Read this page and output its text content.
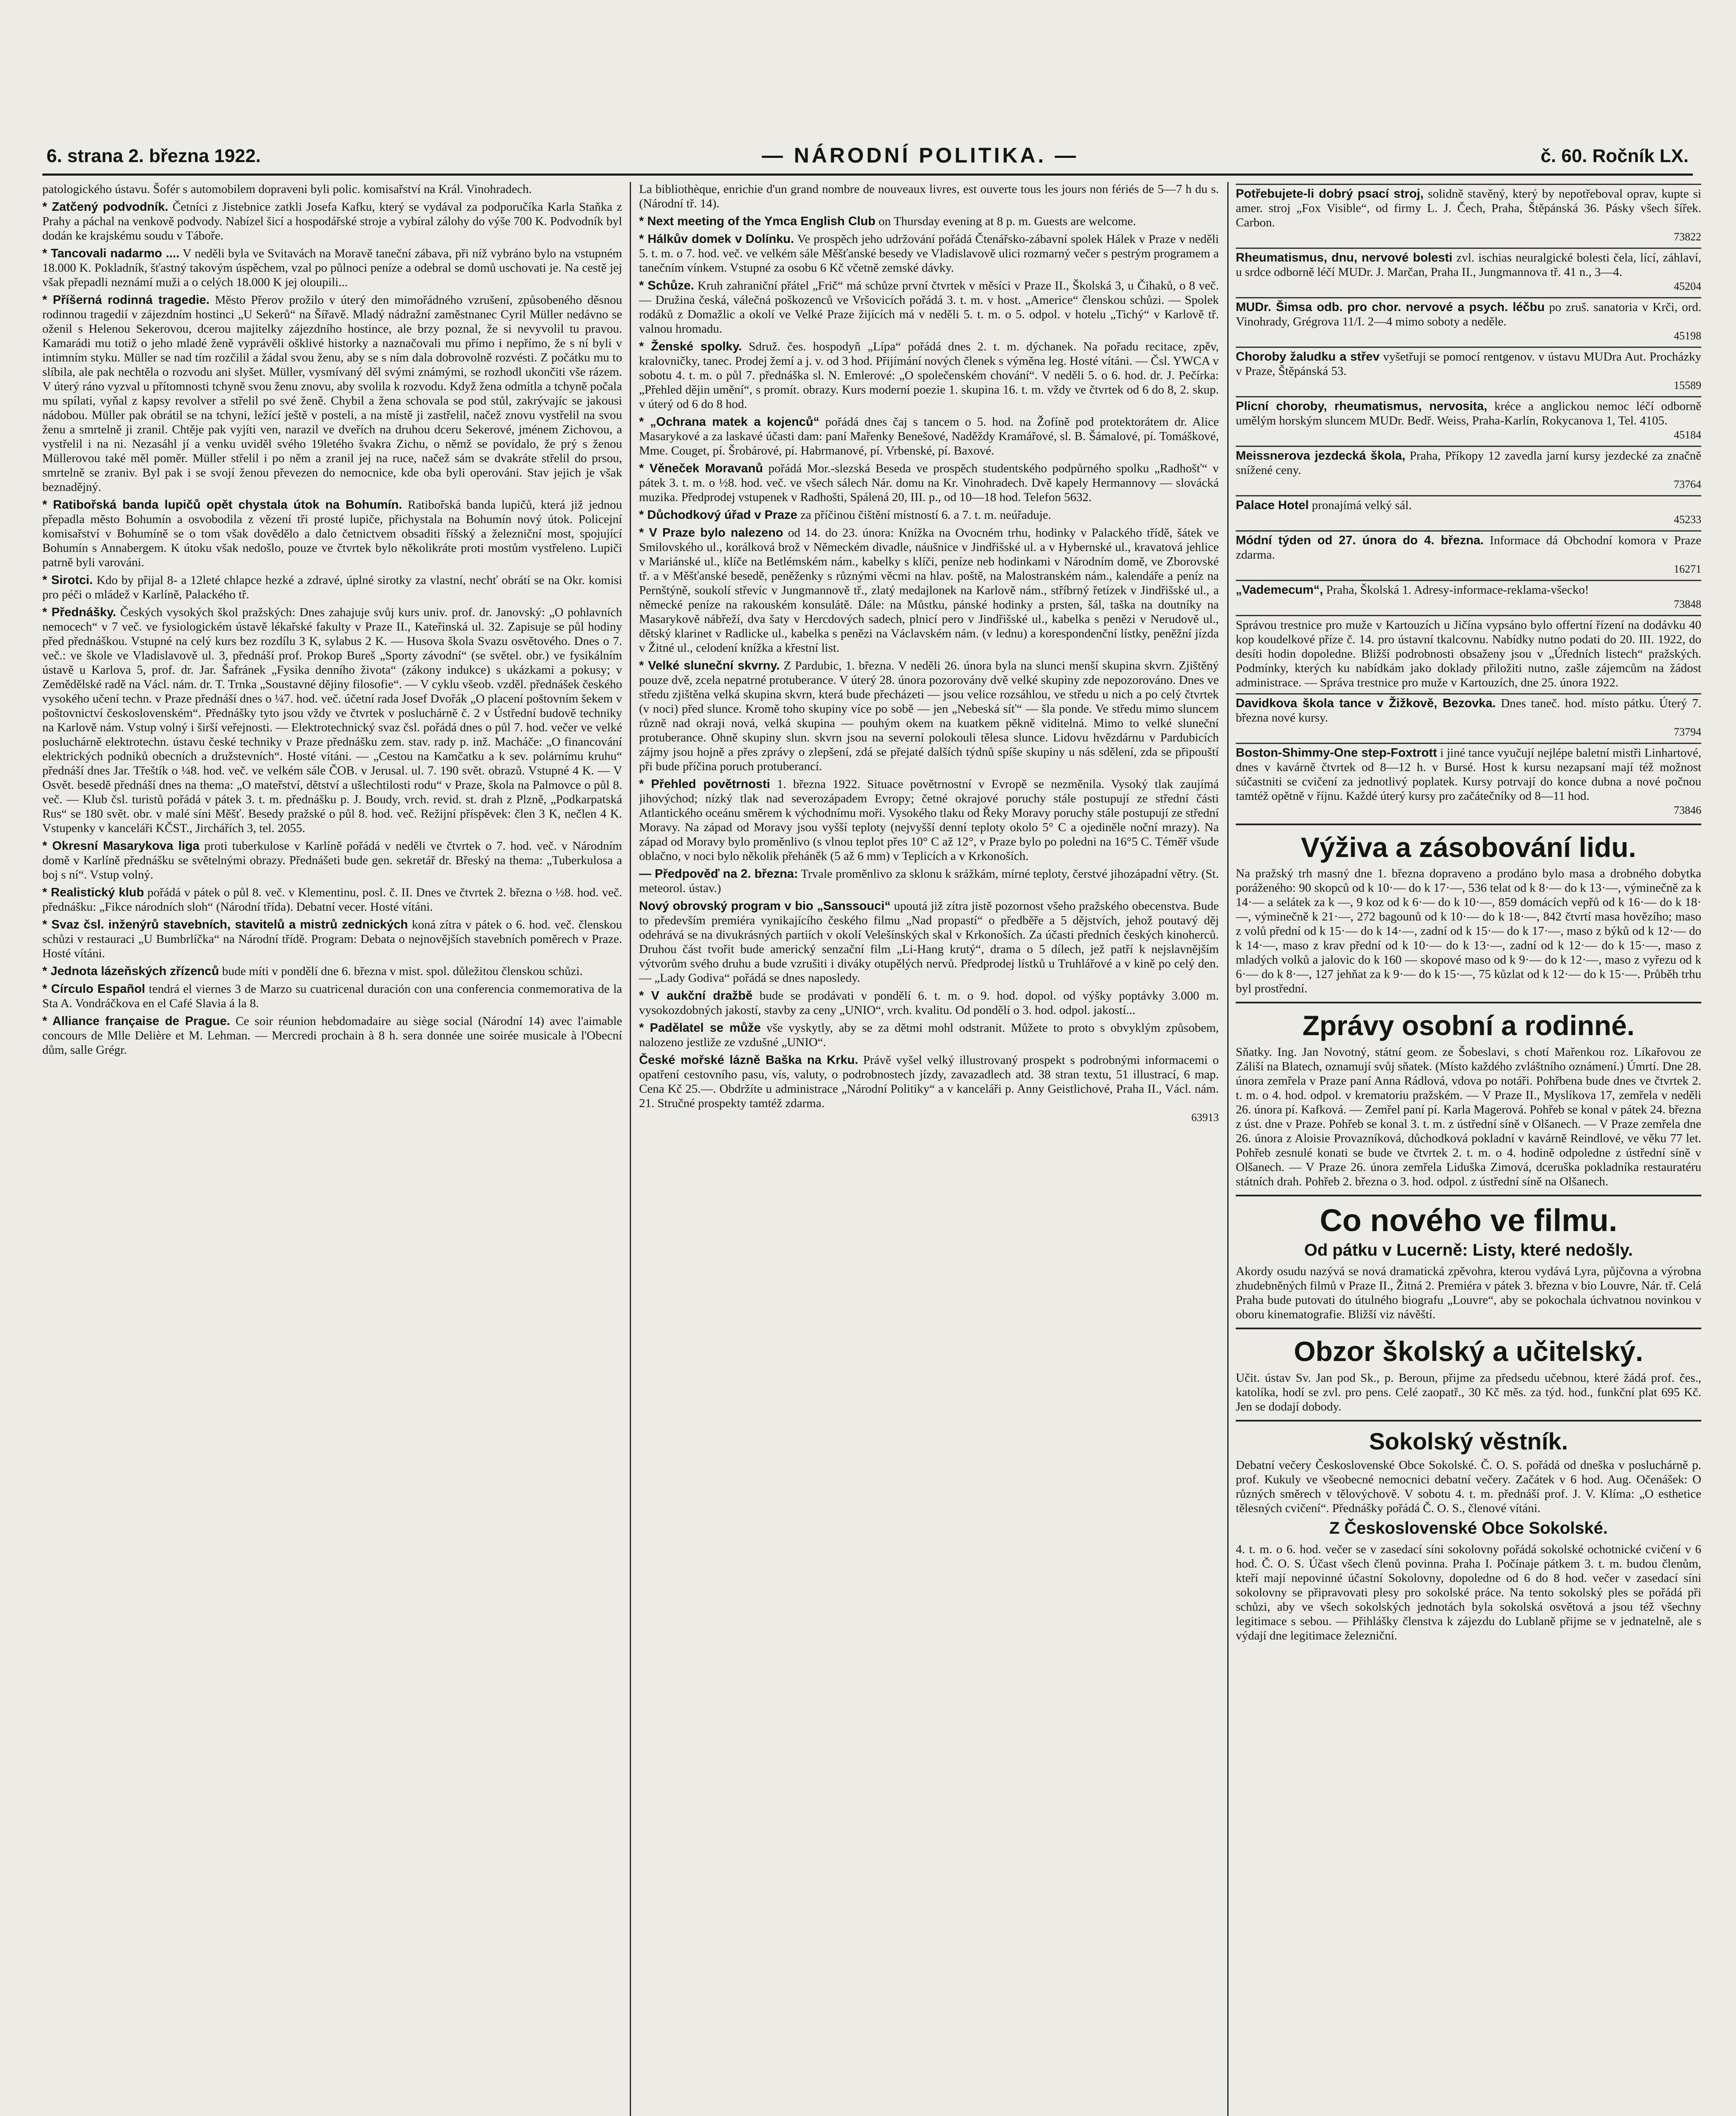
6. strana 2. března 1922.	— NÁRODNÍ POLITIKA. —	č. 60. Ročník LX.

patologického ústavu. Šofér s automobilem dopraveni byli polic. komisařství na Král. Vinohradech.

* Zatčený podvodník. Četníci z Jistebnice zatkli Josefa Kafku, který se vydával za podporučíka Karla Staňka z Prahy a páchal na venkově podvody. Nabízel šicí a hospodářské stroje a vybíral zálohy do výše 700 K. Podvodník byl dodán ke krajskému soudu v Táboře.

* Tancovali nadarmo .... V neděli byla ve Svitavách na Moravě taneční zábava, při níž vybráno bylo na vstupném 18.000 K. Pokladník, šťastný takovým úspěchem, vzal po půlnoci peníze a odebral se domů uschovati je. Na cestě jej však přepadli neznámí muži a o celých 18.000 K jej oloupili...

* Příšerná rodinná tragedie. Město Přerov prožilo v úterý den mimořádného vzrušení, způsobeného děsnou rodinnou tragedií v zájezdním hostinci „U Sekerů“ na Šířavě. Mladý nádražní zaměstnanec Cyril Müller nedávno se oženil s Helenou Sekerovou, dcerou majitelky zájezdního hostince, ale brzy poznal, že si nevyvolil tu pravou. Kamarádi mu totiž o jeho mladé ženě vyprávěli ošklivé historky a naznačovali mu přímo i nepřímo, že s ní byli v intimním styku. Müller se nad tím rozčilil a žádal svou ženu, aby se s ním dala dobrovolně rozvésti. Z počátku mu to slíbila, ale pak nechtěla o rozvodu ani slyšet. Müller, vysmívaný děl svými známými, se rozhodl ukončiti vše rázem. V úterý ráno vyzval u přítomnosti tchyně svou ženu znovu, aby svolila k rozvodu. Když žena odmítla a tchyně počala mu spílati, vyňal z kapsy revolver a střelil po své ženě. Chybil a žena schovala se pod stůl, zakrývajíc se jakousi nádobou. Müller pak obrátil se na tchyni, ležící ještě v posteli, a na místě ji zastřelil, načež znovu vystřelil na svou ženu a smrtelně ji zranil. Chtěje pak vyjíti ven, narazil ve dveřích na druhou dceru Sekerové, jménem Zichovou, a vystřelil i na ni. Nezasáhl jí a venku uviděl svého 19letého švakra Zichu, o němž se povídalo, že prý s ženou Müllerovou také měl poměr. Müller střelil i po něm a zranil jej na ruce, načež sám se dvakráte střelil do prsou, smrtelně se zraniv. Byl pak i se svojí ženou převezen do nemocnice, kde oba byli operováni. Stav jejich je však beznadějný.

* Ratibořská banda lupičů opět chystala útok na Bohumín. Ratibořská banda lupičů, která již jednou přepadla město Bohumín a osvobodila z vězení tři prosté lupiče, přichystala na Bohumín nový útok. Policejní komisařství v Bohumíně se o tom však dovědělo a dalo četnictvem obsaditi říšský a železniční most, spojující Bohumín s Annabergem. K útoku však nedošlo, pouze ve čtvrtek bylo několikráte proti mostům vystřeleno. Lupiči patrně byli varováni.

* Sirotci. Kdo by přijal 8- a 12leté chlapce hezké a zdravé, úplné sirotky za vlastní, nechť obrátí se na Okr. komisi pro péči o mládež v Karlíně, Palackého tř.

* Přednášky. Českých vysokých škol pražských: Dnes zahajuje svůj kurs univ. prof. dr. Janovský: „O pohlavních nemocech“ v 7 več. ve fysiologickém ústavě lékařské fakulty v Praze II., Kateřinská ul. 32. Zapisuje se půl hodiny před přednáškou. Vstupné na celý kurs bez rozdílu 3 K, sylabus 2 K. — Husova škola Svazu osvětového. Dnes o 7. več.: ve škole ve Vladislavově ul. 3, přednáší prof. Prokop Bureš „Sporty závodní“ (se světel. obr.) ve fysikálním ústavě u Karlova 5, prof. dr. Jar. Šafránek „Fysika denního života“ (zákony indukce) s ukázkami a pokusy; v Zemědělské radě na Václ. nám. dr. T. Trnka „Soustavné dějiny filosofie“. — V cyklu všeob. vzděl. přednášek českého vysokého učení techn. v Praze přednáší dnes o ¼7. hod. več. účetní rada Josef Dvořák „O placení poštovním šekem v poštovnictví československém“. Přednášky tyto jsou vždy ve čtvrtek v posluchárně č. 2 v Ústřední budově techniky na Karlově nám. Vstup volný i širší veřejnosti. — Elektrotechnický svaz čsl. pořádá dnes o půl 7. hod. večer ve velké posluchárně elektrotechn. ústavu české techniky v Praze přednášku zem. stav. rady p. inž. Macháče: „O financování elektrických podniků obecních a družstevních“. Hosté vítáni. — „Cestou na Kamčatku a k sev. polárnímu kruhu“ přednáší dnes Jar. Třeštík o ¼8. hod. več. ve velkém sále ČOB. v Jerusal. ul. 7. 190 svět. obrazů. Vstupné 4 K. — V Osvět. besedě přednáší dnes na thema: „O mateřství, dětství a ušlechtilosti rodu“ v Praze, škola na Palmovce o půl 8. več. — Klub čsl. turistů pořádá v pátek 3. t. m. přednášku p. J. Boudy, vrch. revid. st. drah z Plzně, „Podkarpatská Rus“ se 180 svět. obr. v malé síni Měšť. Besedy pražské o půl 8. hod. več. Režijní příspěvek: člen 3 K, nečlen 4 K. Vstupenky v kanceláři KČST., Jirchářích 3, tel. 2055.

* Okresní Masarykova liga proti tuberkulose v Karlíně pořádá v neděli ve čtvrtek o 7. hod. več. v Národním domě v Karlíně přednášku se světelnými obrazy. Přednášeti bude gen. sekretář dr. Břeský na thema: „Tuberkulosa a boj s ní“. Vstup volný.

* Realistický klub pořádá v pátek o půl 8. več. v Klementinu, posl. č. II. Dnes ve čtvrtek 2. března o ½8. hod. več. přednášku: „Fikce národních sloh“ (Národní třída). Debatní vecer. Hosté vítáni.

* Svaz čsl. inženýrů stavebních, stavitelů a mistrů zednických koná zítra v pátek o 6. hod. več. členskou schůzi v restauraci „U Bumbrlíčka“ na Národní třídě. Program: Debata o nejnovějších stavebních poměrech v Praze. Hosté vítáni.

* Jednota lázeňských zřízenců bude míti v pondělí dne 6. března v mist. spol. důležitou členskou schůzi.

* Círculo Español tendrá el viernes 3 de Marzo su cuatricenal duración con una conferencia conmemorativa de la Sta A. Vondráčkova en el Café Slavia á la 8.

* Alliance française de Prague. Ce soir réunion hebdomadaire au siège social (Národní 14) avec l'aimable concours de Mlle Delière et M. Lehman. — Mercredi prochain à 8 h. sera donnée une soirée musicale à l'Obecní dům, salle Grégr.

La bibliothèque, enrichie d'un grand nombre de nouveaux livres, est ouverte tous les jours non fériés de 5—7 h du s. (Národní tř. 14).

* Next meeting of the Ymca English Club on Thursday evening at 8 p. m. Guests are welcome.

* Hálkův domek v Dolínku. Ve prospěch jeho udržování pořádá Čtenářsko-zábavní spolek Hálek v Praze v neděli 5. t. m. o 7. hod. več. ve velkém sále Měšťanské besedy ve Vladislavově ulici rozmarný večer s pestrým programem a tanečním vínkem. Vstupné za osobu 6 Kč včetně zemské dávky.

* Schůze. Kruh zahraniční přátel „Frič“ má schůze první čtvrtek v měsíci v Praze II., Školská 3, u Čihaků, o 8 več. — Družina česká, válečná poškozenců ve Vršovicích pořádá 3. t. m. v host. „Americe“ členskou schůzi. — Spolek rodáků z Domažlic a okolí ve Velké Praze žijících má v neděli 5. t. m. o 5. odpol. v hotelu „Tichý“ v Karlově tř. valnou hromadu.

* Ženské spolky. Sdruž. čes. hospodyň „Lípa“ pořádá dnes 2. t. m. dýchanek. Na pořadu recitace, zpěv, kralovničky, tanec. Prodej žemí a j. v. od 3 hod. Přijímání nových členek s výměna leg. Hosté vítáni. — Čsl. YWCA v sobotu 4. t. m. o půl 7. přednáška sl. N. Emlerové: „O společenském chování“. V neděli 5. o 6. hod. dr. J. Pečírka: „Přehled dějin umění“, s promít. obrazy. Kurs moderní poezie 1. skupina 16. t. m. vždy ve čtvrtek od 6 do 8, 2. skup. v úterý od 6 do 8 hod.

* „Ochrana matek a kojenců“ pořádá dnes čaj s tancem o 5. hod. na Žofíně pod protektorátem dr. Alice Masarykové a za laskavé účasti dam: paní Mařenky Benešové, Naděždy Kramářové, sl. B. Šámalové, pí. Tomáškové, Mme. Couget, pí. Šrobárové, pí. Habrmanové, pí. Vrbenské, pí. Baxové.

* Věneček Moravanů pořádá Mor.-slezská Beseda ve prospěch studentského podpůrného spolku „Radhošť“ v pátek 3. t. m. o ½8. hod. več. ve všech sálech Nár. domu na Kr. Vinohradech. Dvě kapely Hermannovy — slovácká muzika. Předprodej vstupenek v Radhošti, Spálená 20, III. p., od 10—18 hod. Telefon 5632.

* Důchodkový úřad v Praze za příčinou čištění místností 6. a 7. t. m. neúřaduje.

* V Praze bylo nalezeno od 14. do 23. února: Knížka na Ovocném trhu, hodinky v Palackého třídě, šátek ve Smilovského ul., korálková brož v Německém divadle, náušnice v Jindřišské ul. a v Hybernské ul., kravatová jehlice v Mariánské ul., klíče na Betlémském nám., kabelky s klíči, peníze neb hodinkami v Národním domě, ve Zborovské tř. a v Měšťanské besedě, peněženky s různými věcmi na hlav. poště, na Malostranském nám., kalendáře a peníz na Pernštýně, soukolí střevíc v Jungmannově tř., zlatý medajlonek na Karlově nám., stříbrný řetízek v Jindřišské ul., a německé peníze na rakouském konsulátě. Dále: na Můstku, pánské hodinky a prsten, šál, taška na doutníky na Masarykově nábřeží, dva šaty v Hercdových sadech, plnicí pero v Jindřišské ul., kabelka s penězi v Nerudově ul., dětský klarinet v Radlicke ul., kabelka s penězi na Václavském nám. (v lednu) a korespondenční lístky, peněžní jízda v Žitné ul., celodení knížka a křestní list.

* Velké sluneční skvrny. Z Pardubic, 1. března. V neděli 26. února byla na slunci menší skupina skvrn. Zjištěný pouze dvě, zcela nepatrné protuberance. V úterý 28. února pozorovány dvě velké skupiny zde nepozorováno. Dnes ve středu zjištěna velká skupina skvrn, která bude přecházeti — jsou velice rozsáhlou, ve středu u nich a po celý čtvrtek (v noci) před slunce. Kromě toho skupiny více po sobě — jen „Nebeská síť“ — šla ponde. Ve středu mimo sluncem různě nad okraji nová, velká skupina — pouhým okem na kuatkem pěkně viditelná. Mimo to velké sluneční protuberance. Ohně skupiny slun. skvrn jsou na severní polokouli tělesa slunce. Lidovu hvězdárnu v Pardubicích zájmy jsou hojně a přes zprávy o zlepšení, zdá se přejaté dalších týdnů spíše skupiny u nás sdělení, zda se připouští při bude příčina poruch protuberancí.

* Přehled povětrnosti 1. března 1922. Situace povětrnostní v Evropě se nezměnila. Vysoký tlak zaujímá jihovýchod; nízký tlak nad severozápadem Evropy; četné okrajové poruchy stále postupují ze střední části Atlantického oceánu směrem k východnímu moři. Vysokého tlaku od Řeky Moravy poruchy stále postupují ze střední Moravy. Na západ od Moravy jsou vyšší teploty (nejvyšší denní teploty okolo 5° C a ojediněle noční mrazy). Na západ od Moravy bylo proměnlivo (s vlnou teplot přes 10° C až 12°, v Praze bylo po poledni na 16°5 C. Téměř všude oblačno, v noci bylo několik přeháněk (5 až 6 mm) v Teplicích a v Krkonoších.

— Předpověď na 2. března: Trvale proměnlivo za sklonu k srážkám, mírné teploty, čerstvé jihozápadní větry. (St. meteorol. ústav.)

Nový obrovský program v bio „Sanssouci“ upoutá již zítra jistě pozornost všeho pražského obecenstva. Bude to především premiéra vynikajícího českého filmu „Nad propastí“ o předběře a 5 dějstvích, jehož poutavý děj odehrává se na divukrásných partiích v okolí Velešínských skal v Krkonoších. Za účasti předních českých kinoherců. Druhou část tvořit bude americký senzační film „Li-Hang krutý“, drama o 5 dílech, jež patří k nejslavnějším výtvorům svého druhu a bude vzrušiti i diváky otupělých nervů. Předprodej lístků u Truhlářové a v kině po celý den. — „Lady Godiva“ pořádá se dnes naposledy.

* V aukční dražbě bude se prodávati v pondělí 6. t. m. o 9. hod. dopol. od výšky poptávky 3.000 m. vysokozdobných jakostí, stavby za ceny „UNIO“, vrch. kvalitu. Od pondělí o 3. hod. odpol. jakostí...

* Padělatel se může vše vyskytly, aby se za dětmi mohl odstranit. Můžete to proto s obvyklým způsobem, nalozeno jestliže ze vzdušné „UNIO“.

České mořské lázně Baška na Krku. Právě vyšel velký illustrovaný prospekt s podrobnými informacemi o opatření cestovního pasu, vís, valuty, o podrobnostech jízdy, zavazadlech atd. 38 stran textu, 51 illustrací, 6 map. Cena Kč 25.—. Obdržíte u administrace „Národní Politiky“ a v kanceláři p. Anny Geistlichové, Praha II., Václ. nám. 21. Stručné prospekty tamtéž zdarma.
63913

Potřebujete-li dobrý psací stroj, solidně stavěný, který by nepotřeboval oprav, kupte si amer. stroj „Fox Visible“, od firmy L. J. Čech, Praha, Štěpánská 36. Pásky všech šířek. Carbon.
73822

Rheumatismus, dnu, nervové bolesti zvl. ischias neuralgické bolesti čela, lící, záhlaví, u srdce odborně léčí MUDr. J. Marčan, Praha II., Jungmannova tř. 41 n., 3—4.
45204

MUDr. Šimsa odb. pro chor. nervové a psych. léčbu po zruš. sanatoria v Krči, ord. Vinohrady, Grégrova 11/I. 2—4 mimo soboty a neděle.
45198

Choroby žaludku a střev vyšetřuji se pomocí rentgenov. v ústavu MUDra Aut. Procházky v Praze, Štěpánská 53.
15589

Plicní choroby, rheumatismus, nervosita, kréce a anglickou nemoc léčí odborně umělým horským sluncem MUDr. Bedř. Weiss, Praha-Karlín, Rokycanova 1, Tel. 4105.
45184

Meissnerova jezdecká škola, Praha, Příkopy 12 zavedla jarní kursy jezdecké za značně snížené ceny.
73764

Palace Hotel pronajímá velký sál.
45233

Módní týden od 27. února do 4. března. Informace dá Obchodní komora v Praze zdarma.
16271

„Vademecum“, Praha, Školská 1. Adresy-informace-reklama-všecko!
73848

Správou trestnice pro muže v Kartouzích u Jičína vypsáno bylo offertní řízení na dodávku 40 kop koudelkové příze č. 14. pro ústavní tkalcovnu. Nabídky nutno podati do 20. III. 1922, do desíti hodin dopoledne. Bližší podrobnosti obsaženy jsou v „Úředních listech“ pražských. Podmínky, kterých ku nabídkám jako doklady přiložiti nutno, zašle zájemcům na žádost administrace. — Správa trestnice pro muže v Kartouzích, dne 25. února 1922.

Davidkova škola tance v Žižkově, Bezovka. Dnes taneč. hod. místo pátku. Úterý 7. března nové kursy.
73794

Boston-Shimmy-One step-Foxtrott i jiné tance vyučují nejlépe baletní mistři Linhartové, dnes v kavárně čtvrtek od 8—12 h. v Bursé. Host k kursu nezapsaní mají též možnost súčastniti se cvičení za jednotlivý poplatek. Kursy potrvají do konce dubna a nové počnou tamtéž opětně v říjnu. Každé úterý kursy pro začátečníky od 8—11 hod.
73846

Výživa a zásobování lidu.

Na pražský trh masný dne 1. března dopraveno a prodáno bylo masa a drobného dobytka poráženého: 90 skopců od k 10·— do k 17·—, 536 telat od k 8·— do k 13·—, výminečně za k 14·— a selátek za k —, 9 koz od k 6·— do k 10·—, 859 domácích vepřů od k 16·— do k 18·—, výminečně k 21·—, 272 bagounů od k 10·— do k 18·—, 842 čtvrtí masa hovězího; maso z volů přední od k 15·— do k 14·—, zadní od k 15·— do k 17·—, maso z býků od k 12·— do k 14·—, maso z krav přední od k 10·— do k 13·—, zadní od k 12·— do k 15·—, maso z mladých volků a jalovic do k 160 — skopové maso od k 9·— do k 12·—, maso z vyřezu od k 6·— do k 8·—, 127 jehňat za k 9·— do k 15·—, 75 kůzlat od k 12·— do k 15·—. Průběh trhu byl prostřední.

Zprávy osobní a rodinné.

Sňatky. Ing. Jan Novotný, státní geom. ze Šobeslavi, s chotí Mařenkou roz. Líkařovou ze Záliší na Blatech, oznamují svůj sňatek. (Místo každého zvláštního oznámení.) Úmrtí. Dne 28. února zemřela v Praze paní Anna Rádlová, vdova po notáři. Pohřbena bude dnes ve čtvrtek 2. t. m. o 4. hod. odpol. v krematoriu pražském. — V Praze II., Myslíkova 17, zemřela v neděli 26. února pí. Kafková. — Zemřel paní pí. Karla Magerová. Pohřeb se konal v pátek 24. března z úst. dne v Praze. Pohřeb se konal 3. t. m. z ústřední síně v Olšanech. — V Praze zemřela dne 26. února z Aloisie Provazníková, důchodková pokladní v kavárně Reindlové, ve věku 77 let. Pohřeb zesnulé konati se bude ve čtvrtek 2. t. m. o 4. hodině odpoledne z ústřední síně v Olšanech. — V Praze 26. února zemřela Liduška Zimová, dceruška pokladníka restauratéru státních drah. Pohřeb 2. března o 3. hod. odpol. z ústřední síně na Olšanech.

Co nového ve filmu.
Od pátku v Lucerně: Listy, které nedošly.

Akordy osudu nazývá se nová dramatická zpěvohra, kterou vydává Lyra, půjčovna a výrobna zhudebněných filmů v Praze II., Žitná 2. Premiéra v pátek 3. března v bio Louvre, Nár. tř. Celá Praha bude putovati do útulného biografu „Louvre“, aby se pokochala úchvatnou novinkou v oboru kinematografie. Bližší viz návěští.

Obzor školský a učitelský.

Učit. ústav Sv. Jan pod Sk., p. Beroun, přijme za předsedu učebnou, které žádá prof. čes., katolíka, hodí se zvl. pro pens. Celé zaopatř., 30 Kč měs. za týd. hod., funkční plat 695 Kč. Jen se dodají dobody.

Sokolský věstník.

Debatní večery Československé Obce Sokolské. Č. O. S. pořádá od dneška v posluchárně p. prof. Kukuly ve všeobecné nemocnici debatní večery. Začátek v 6 hod. Aug. Očenášek: O různých směrech v tělovýchově. V sobotu 4. t. m. přednáší prof. J. V. Klíma: „O esthetice tělesných cvičení“. Přednášky pořádá Č. O. S., členové vítáni.

Z Československé Obce Sokolské.

4. t. m. o 6. hod. večer se v zasedací síni sokolovny pořádá sokolské ochotnické cvičení v 6 hod. Č. O. S. Účast všech členů povinna. Praha I. Počínaje pátkem 3. t. m. budou členům, kteří mají nepovinné účastní Sokolovny, dopoledne od 6 do 8 hod. večer v zasedací síni sokolovny se připravovati plesy pro sokolské práce. Na tento sokolský ples se pořádá při schůzi, aby ve všech sokolských jednotách byla sokolská osvětová a jsou též všechny legitimace s sebou. — Přihlášky členstva k zájezdu do Lublaně přijme se v jednatelně, ale s výdají dne legitimace železniční.
